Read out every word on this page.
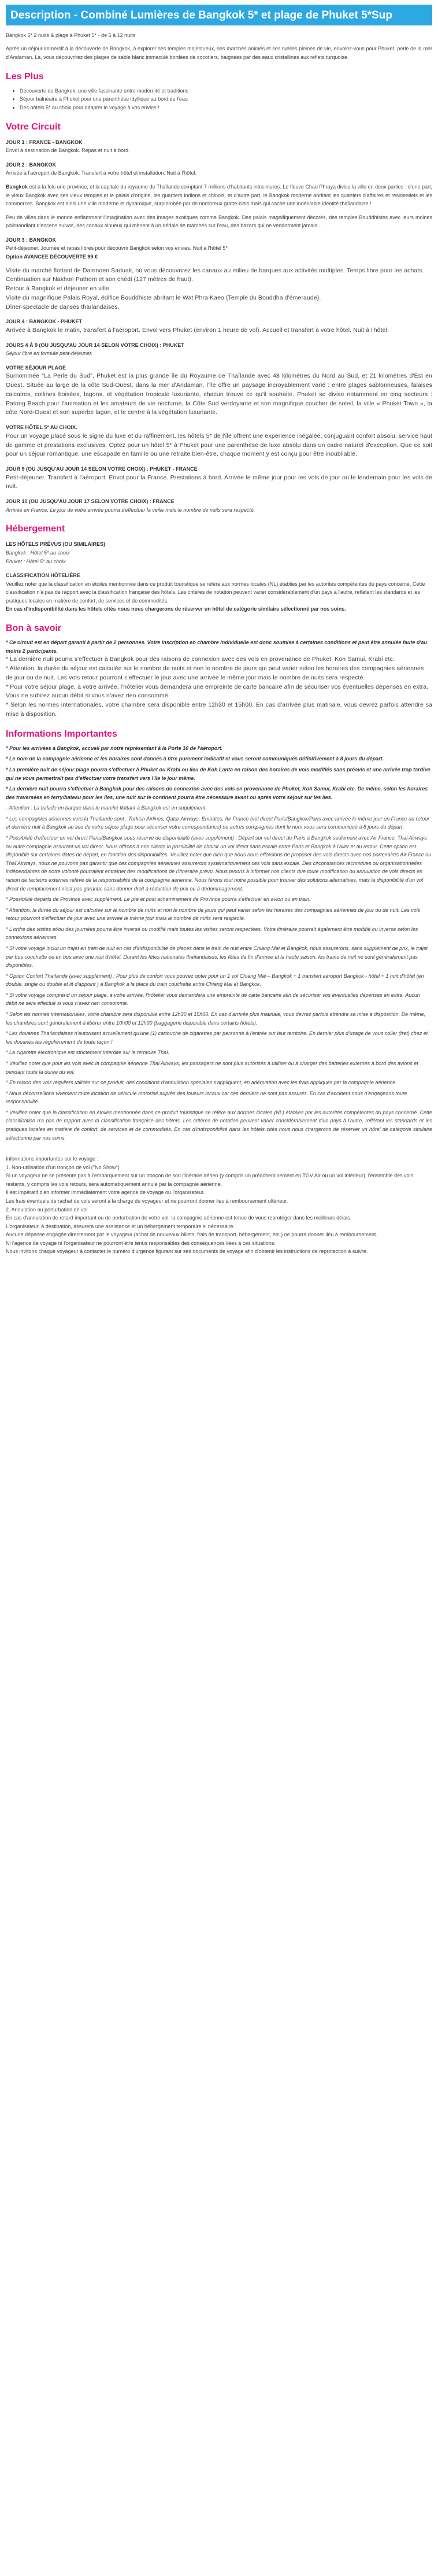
Description - Combiné Lumières de Bangkok 5* et plage de Phuket 5*Sup

Bangkok 5* 2 nuits & plage à Phuket 5* - de 5 à 12 nuits

Après un séjour immersif à la découverte de Bangkok, à explorer ses temples majestueux, ses marchés animés et ses ruelles pleines de vie, envolez-vous pour Phuket, perle de la mer d'Andaman. Là, vous découvrirez des plages de sable blanc immaculé bordées de cocotiers, baignées par des eaux cristallines aux reflets turquoise.

Les Plus
• Découverte de Bangkok, une ville fascinante entre modernité et traditions
• Séjour balnéaire à Phuket pour une parenthèse idyllique au bord de l'eau
• Des hôtels 5* au choix pour adapter le voyage à vos envies !
Votre Circuit
JOUR 1 : FRANCE - BANGKOK

Envol à destination de Bangkok. Repas et nuit à bord.

JOUR 2 : BANGKOK

Arrivée à l'aéroport de Bangkok. Transfert à votre hôtel et installation. Nuit à l'hôtel.

Bangkok est à la fois une province, et la capitale du royaume de Thaïlande comptant 7 millions d'habitants intra-muros. Le fleuve Chao Phraya divise la ville en deux parties : d'une part, le vieux Bangkok avec ses vieux temples et le palais d'origine, les quartiers indiens et chinois, et d'autre part, le Bangkok moderne abritant les quartiers d'affaires et résidentiels et les commerces. Bangkok est ainsi une ville moderne et dynamique, surplombée par de nombreux gratte-ciels mais qui cache une indéniable identité thaïlandaise !

Peu de villes dans le monde enflamment l'imagination avec des images exotiques comme Bangkok. Des palais magnifiquement décorés, des temples Bouddhistes avec leurs moines polimondiant d'encens suivas, des canaux sinueux qui mènent à un dédale de marchés sur l'eau, des bazars qui ne vendorment jamais...

JOUR 3 : BANGKOK
Petit-déjeuner. Journée et repas libres pour découvrir Bangkok selon vos envies. Nuit à l'hôtel 5*

Option AVANCEE DÉCOUVERTE 99 €

Visite du marché flottant de Damnoen Saduak, où vous découvrirez les canaux au milieu de barques aux activités multiples. Temps libre pour les achats.
Continuation sur Nakhon Pathom et son chédi (127 mètres de haut).
Retour à Bangkok et déjeuner en ville.
Visite du magnifique Palais Royal, édifice Bouddhiste abritant le Wat Phra Kaeo (Temple du Bouddha d'émeraude).

Dîner-spectacle de danses thaïlandaises.

JOUR 4 : BANGKOK - PHUKET

Arrivée à Bangkok le matin, transfert à l'aéroport. Envol vers Phuket (environ 1 heure de vol). Accueil et transfert à votre hôtel. Nuit à l'hôtel.

JOURS 4 À 9 (OU JUSQU'AU JOUR 14 SELON VOTRE CHOIX) : PHUKET

Séjour libre en formule petit-déjeuner.

VOTRE SÉJOUR PLAGE

Surnommée "La Perle du Sud", Phuket est la plus grande île du Royaume de Thaïlande avec 48 kilomètres du Nord au Sud, et 21 kilomètres d'Est en Ouest. Située au large de la côte Sud-Ouest, dans la mer d'Andaman, l'île offre un paysage incroyablement varié : entre plages sablonneuses, falaises calcaires, collines boisées, lagons, et végétation tropicale luxuriante, chacun trouve ce qu'il souhaite. Phuket se divise notamment en cinq secteurs : Patong Beach pour l'animation et les amateurs de vie nocturne, la Côte Sud verdoyante et son magnifique coucher de soleil, la ville « Phuket Town », la côte Nord-Ouest et son superbe lagon, et le centre à la végétation luxuriante.

VOTRE HÔTEL 5* AU CHOIX.

Pour un voyage placé sous le signe du luxe et du raffinement, les hôtels 5* de l'île offrent une expérience inégalée, conjuguant confort absolu, service haut de gamme et prestations exclusives. Optez pour un hôtel 5* à Phuket pour une parenthèse de luxe absolu dans un cadre naturel d'exception. Que ce soit pour un séjour romantique, une escapade en famille ou une retraite bien-être, chaque moment y est conçu pour être inoubliable.

JOUR 9 (OU JUSQU'AU JOUR 14 SELON VOTRE CHOIX) : PHUKET - FRANCE

Petit-déjeuner. Transfert à l'aéroport. Envol pour la France. Prestations à bord. Arrivée le même jour pour les vols de jour ou le lendemain pour les vols de nuit.

JOUR 10 (OU JUSQU'AU JOUR 17 SELON VOTRE CHOIX) : FRANCE

Arrivée en France. Le jour de votre arrivée pourra s'effectuer la veille mais le nombre de nuits sera respecté.

Hébergement
LES HÔTELS PRÉVUS (OU SIMILAIRES)
Bangkok : Hôtel 5* au choix

Phuket : Hôtel 5* au choix

CLASSIFICATION HÔTELIÈRE
Veuillez noter que la classification en étoiles mentionnée dans ce produit touristique se réfère aux normes locales (NL) établies par les autorités compétentes du pays concerné. Cette classification n'a pas de rapport avec la classification française des hôtels. Les critères de notation peuvent varier considérablement d'un pays à l'autre, reflétant les standards et les pratiques locales en matière de confort, de services et de commodités.

En cas d'indisponibilité dans les hôtels cités nous nous chargerons de réserver un hôtel de catégorie similaire sélectionné par nos soins.

Bon à savoir
* Ce circuit est en départ garanti à partir de 2 personnes. Votre inscription en chambre individuelle est donc soumise à certaines conditions et peut être annulée faute d'au moins 2 participants.
* La dernière nuit pourra s'effectuer à Bangkok pour des raisons de connexion avec des vols en provenance de Phuket, Koh Samui, Krabi etc.
* Attention, la durée du séjour est calculée sur le nombre de nuits et non le nombre de jours qui peut varier selon les horaires des compagnies aériennes de jour ou de nuit. Les vols retour pourront s'effectuer le jour avec une arrivée le même jour mais le nombre de nuits sera respecté.
* Pour votre séjour plage, à votre arrivée, l'hôtelier vous demandera une empreinte de carte bancaire afin de sécuriser vos éventuelles dépenses en extra. Vous ne subirez aucun débit si vous n'avez rien consommé.

* Selon les normes internationales, votre chambre sera disponible entre 12h30 et 15h00. En cas d'arrivée plus matinale, vous devrez parfois attendre sa mise à disposition.

Informations Importantes
* Pour les arrivées à Bangkok, accueil par notre représentant à la Porte 10 de l'aéroport.
* Le nom de la compagnie aérienne et les horaires sont donnés à titre purement indicatif et vous seront communiqués définitivement à 8 jours du départ.
* La première nuit de séjour plage pourra s'effectuer à Phuket ou Krabi ou lieu de Koh Lanta en raison des horaires de vols modifiés sans préavis et une arrivée trop tardive qui ne vous permettrait pas d'effectuer votre transfert vers l'île le jour même.
* La dernière nuit pourra s'effectuer à Bangkok pour des raisons de connexion avec des vols en provenance de Phuket, Koh Samui, Krabi etc. De même, selon les horaires des traversées en ferry/bateau pour les îles, une nuit sur le continent pourra être nécessaire avant ou après votre séjour sur les îles.
· Attention : La balade en barque dans le marché flottant à Bangkok est en supplément.
* Les compagnies aériennes vers la Thaïlande sont : Turkish Airlines, Qatar Airways, Emirates, Air France (vol direct Paris/Bangkok/Paris avec arrivée le même jour en France au retour et dernière nuit à Bangkok au lieu de votre séjour plage pour sécuriser votre correspondance) ou autres compagnies dont le nom vous sera communiqué à 8 jours du départ.
* Possibilité d'effectuer un vol direct Paris/Bangkok sous réserve de disponibilité (avec supplément) : Départ sur vol direct de Paris à Bangkok seulement avec Air France. Thai Airways ou autre compagnie assurant un vol direct. Nous offrons à nos clients la possibilité de choisir un vol direct sans escale entre Paris et Bangkok à l'aller et au retour. Cette option est disponible sur certaines dates de départ, en fonction des disponibilités. Veuillez noter que bien que nous nous efforcions de proposer des vols directs avec nos partenaires Air France ou Thaï Airways, nous ne pouvons pas garantir que ces compagnies aériennes assureront systématiquement ces vols sans escale. Des circonstances techniques ou organisationnelles indépendantes de notre volonté pourraient entraîner des modifications de l'itinéraire prévu. Nous tenons à informer nos clients que toute modification ou annulation de vols directs en raison de facteurs externes relève de la responsabilité de la compagnie aérienne. Nous ferons tout notre possible pour trouver des solutions alternatives, mais la disponibilité d'un vol direct de remplacement n'est pas garantie sans donner droit à réduction de prix ou à dédommagement.
* Possibilité départs de Province avec supplément. Le pré et post acheminement de Province pourra s'effectuer en avion ou en train.
* Attention, la durée du séjour est calculée sur le nombre de nuits et non le nombre de jours qui peut varier selon les horaires des compagnies aériennes de jour ou de nuit. Les vols retour pourront s'effectuer de jour avec une arrivée le même jour mais le nombre de nuits sera respecté.
* L'ordre des visites et/ou des journées pourra être inversé ou modifié mais toutes les visites seront respectées. Votre itinéraire pourrait également être modifié ou inversé selon les connexions aériennes.
* Si votre voyage inclut un trajet en train de nuit en cas d'indisponibilité de places dans le train de nuit entre Chiang Mai et Bangkok, nous assurerons, sans supplément de prix, le trajet par bus couchette ou en bus avec une nuit d'hôtel. Durant les fêtes nationales thaïlandaises, les fêtes de fin d'année et la haute saison, les trains de nuit ne sont généralement pas disponibles.
* Option Confort Thaïlande (avec supplément) : Pour plus de confort vous pouvez opter pour un 1 vol Chiang Mai – Bangkok + 1 transfert aéroport Bangkok - hôtel + 1 nuit d'hôtel (en double, single ou double et lit d'appoint ) à Bangkok à la place du train couchette entre Chiang Mai et Bangkok.
* Si votre voyage comprend un séjour plage, à votre arrivée, l'hôtelier vous demandera une empreinte de carte bancaire afin de sécuriser vos éventuelles dépenses en extra. Aucun débit ne sera effectué si vous n'avez rien consommé.
* Selon les normes internationales, votre chambre sera disponible entre 12h30 et 15h00. En cas d'arrivée plus matinale, vous devrez parfois attendre sa mise à disposition. De même, les chambres sont généralement à libérer entre 10h00 et 12h00 (baggagerie disponible dans certains hôtels).
* Les douanes Thaïlandaises n'autorisent actuellement qu'une (1) cartouche de cigarettes par personne à l'entrée sur leur territoire. En dernier plus d'usage de vous coller (fret) chez et les douanes les régulièrement de toute façon !
* La cigarette électronique est strictement interdite sur le territoire Thaï.
* Veuillez noter que pour les vols avec la compagnie aérienne Thai Airways, les passagers ne sont plus autorisés à utiliser ou à charger des batteries externes à bord des avions et pendant toute la durée du vol.
* En raison des vols réguliers utilisés sur ce produit, des conditions d'annulation spéciales s'appliquent, en adéquation avec les frais appliqués par la compagnie aérienne.
* Nous déconseillons vivement toute location de véhicule motorisé auprès des loueurs locaux car ces derniers ne sont pas assurés. En cas d'accident nous n'engageons toute responsabilité.

* Veuillez noter que la classification en étoiles mentionnée dans ce produit touristique se réfère aux normes locales (NL) établies par les autorités compétentes du pays concerné. Cette classification n'a pas de rapport avec la classification française des hôtels. Les critères de notation peuvent varier considérablement d'un pays à l'autre, reflétant les standards et les pratiques locales en matière de confort, de services et de commodités. En cas d'indisponibilité dans les hôtels cités nous nous chargerons de réserver un hôtel de catégorie similaire sélectionné par nos soins.

Informations importantes sur le voyage :
1. Non-utilisation d'un tronçon de vol ("No Show")
Si un voyageur ne se présente pas à l'embarquement sur un tronçon de son itinéraire aérien (y compris un préacheminement en TGV Air ou un vol intérieur), l'ensemble des vols restants, y compris les vols retours, sera automatiquement annulé par la compagnie aérienne.
Il est impératif d'en informer immédiatement votre agence de voyage ou l'organisateur.
Les frais éventuels de rachat de vols seront à la charge du voyageur et ne pourront donner lieu à remboursement ultérieur.
2. Annulation ou perturbation de vol
En cas d'annulation de retard important ou de perturbation de votre vol, la compagnie aérienne est tenue de vous reprotéger dans les meilleurs délais.
L'organisateur, à destination, assurera une assistance et un hébergement temporaire si nécessaire.
Aucune dépense engagée directement par le voyageur (achat de nouveaux billets, frais de transport, hébergement, etc.) ne pourra donner lieu à remboursement.
Ni l'agence de voyage ni l'organisateur ne pourront être tenus responsables des conséquences liées à ces situations.
Nous invitons chaque voyageur à contacter le numéro d'urgence figurant sur ses documents de voyage afin d'obtenir les instructions de reprotection à suivre.
